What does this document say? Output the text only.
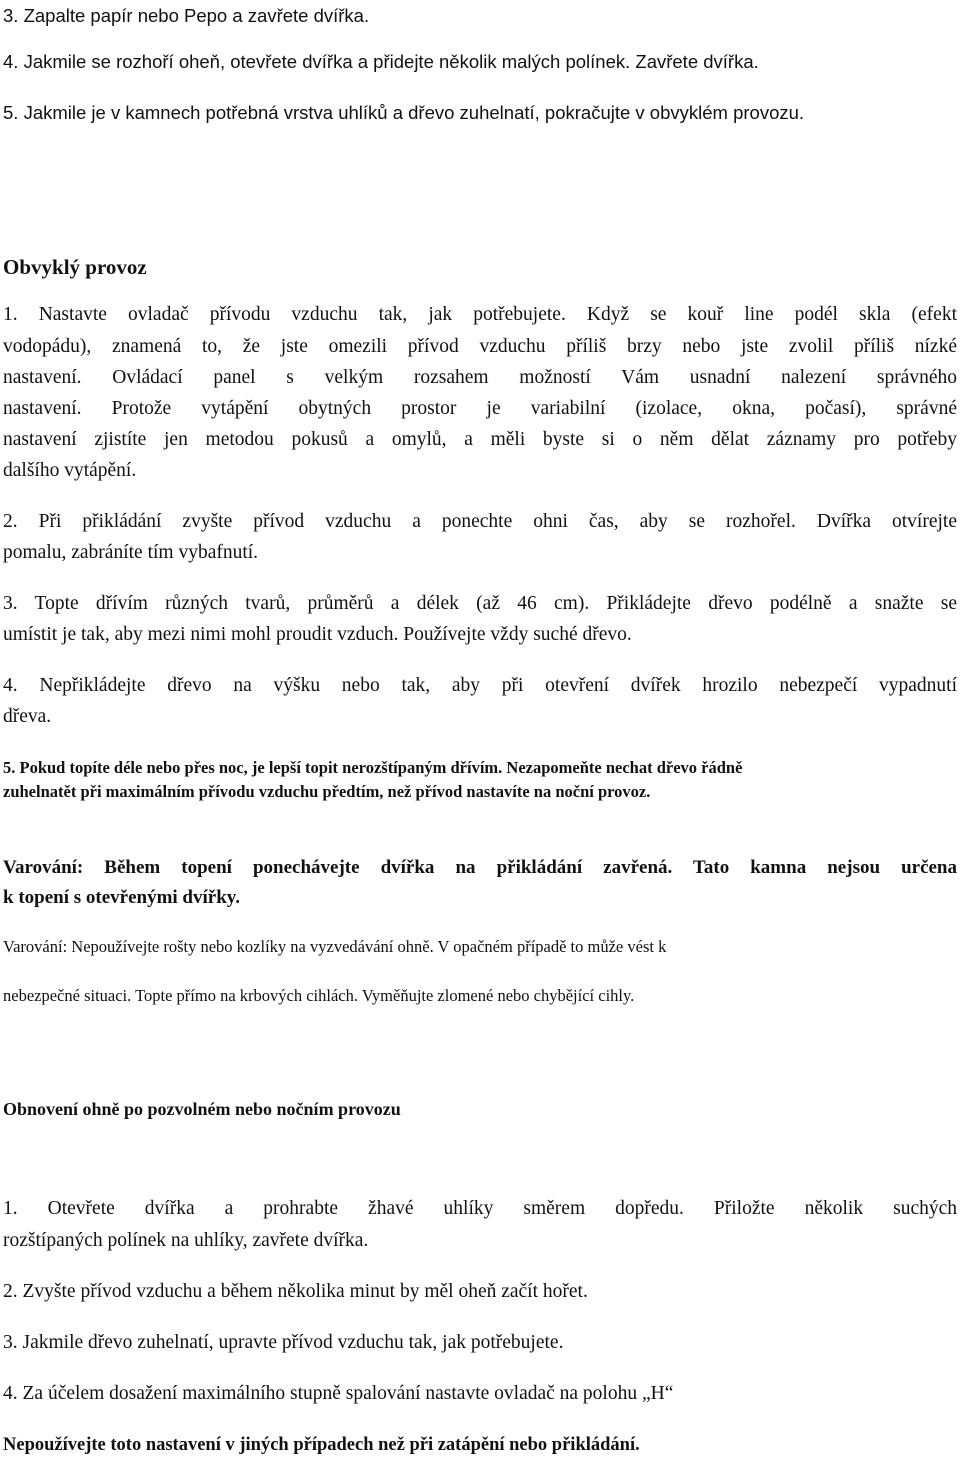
3. Zapalte papír nebo Pepo a zavřete dvířka.
4. Jakmile se rozhoří oheň, otevřete dvířka a přidejte několik malých polínek. Zavřete dvířka.
5. Jakmile je v kamnech potřebná vrstva uhlíků a dřevo zuhelnatí, pokračujte v obvyklém provozu.
Obvyklý provoz
1. Nastavte ovladač přívodu vzduchu tak, jak potřebujete. Když se kouř line podél skla (efekt
vodopádu), znamená to, že jste omezili přívod vzduchu příliš brzy nebo jste zvolil příliš nízké
nastavení. Ovládací panel s velkým rozsahem možností Vám usnadní nalezení správného
nastavení. Protože vytápění obytných prostor je variabilní (izolace, okna, počasí), správné
nastavení zjistíte jen metodou pokusů a omylů, a měli byste si o něm dělat záznamy pro potřeby
dalšího vytápění.
2. Při přikládání zvyšte přívod vzduchu a ponechte ohni čas, aby se rozhořel. Dvířka otvírejte
pomalu, zabráníte tím vybafnutí.
3. Topte dřívím různých tvarů, průměrů a délek (až 46 cm). Přikládejte dřevo podélně a snažte se
umístit je tak, aby mezi nimi mohl proudit vzduch. Používejte vždy suché dřevo.
4. Nepřikládejte dřevo na výšku nebo tak, aby při otevření dvířek hrozilo nebezpečí vypadnutí
dřeva.
5. Pokud topíte déle nebo přes noc, je lepší topit nerozštípaným dřívím. Nezapomeňte nechat dřevo řádně
zuhelnatět při maximálním přívodu vzduchu předtím, než přívod nastavíte na noční provoz.
Varování: Během topení ponechávejte dvířka na přikládání zavřená. Tato kamna nejsou určena
k topení s otevřenými dvířky.
Varování: Nepoužívejte rošty nebo kozlíky na vyzvedávání ohně. V opačném případě to může vést k
nebezpečné situaci. Topte přímo na krbových cihlách. Vyměňujte zlomené nebo chybějící cihly.
Obnovení ohně po pozvolném nebo nočním provozu
1. Otevřete dvířka a prohrabte žhavé uhlíky směrem dopředu. Přiložte několik suchých
rozštípaných polínek na uhlíky, zavřete dvířka.
2. Zvyšte přívod vzduchu a během několika minut by měl oheň začít hořet.
3. Jakmile dřevo zuhelnatí, upravte přívod vzduchu tak, jak potřebujete.
4. Za účelem dosažení maximálního stupně spalování nastavte ovladač na polohu „H“
Nepoužívejte toto nastavení v jiných případech než při zatápění nebo přikládání.
